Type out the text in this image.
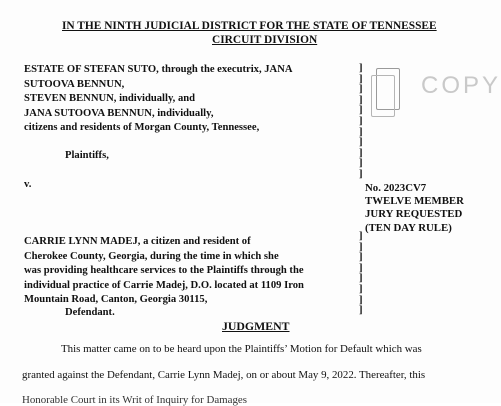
IN THE NINTH JUDICIAL DISTRICT FOR THE STATE OF TENNESSEE
CIRCUIT DIVISION
ESTATE OF STEFAN SUTO, through the executrix, JANA
SUTOOVA BENNUN,
STEVEN BENNUN, individually, and
JANA SUTOOVA BENNUN, individually,
citizens and residents of Morgan County, Tennessee,
Plaintiffs,
v.
CARRIE LYNN MADEJ, a citizen and resident of
Cherokee County, Georgia, during the time in which she
was providing healthcare services to the Plaintiffs through the
individual practice of Carrie Madej, D.O. located at 1109 Iron
Mountain Road, Canton, Georgia 30115,
Defendant.
]
]
]
]
]
]
]
]
]
]
]
]
]
]
]
]
]
]
]
COPY
No. 2023CV7
TWELVE MEMBER
JURY REQUESTED
(TEN DAY RULE)
JUDGMENT
This matter came on to be heard upon the Plaintiffs’ Motion for Default which was
granted against the Defendant, Carrie Lynn Madej, on or about May 9, 2022. Thereafter, this
Honorable Court in its Writ of Inquiry for Damages
